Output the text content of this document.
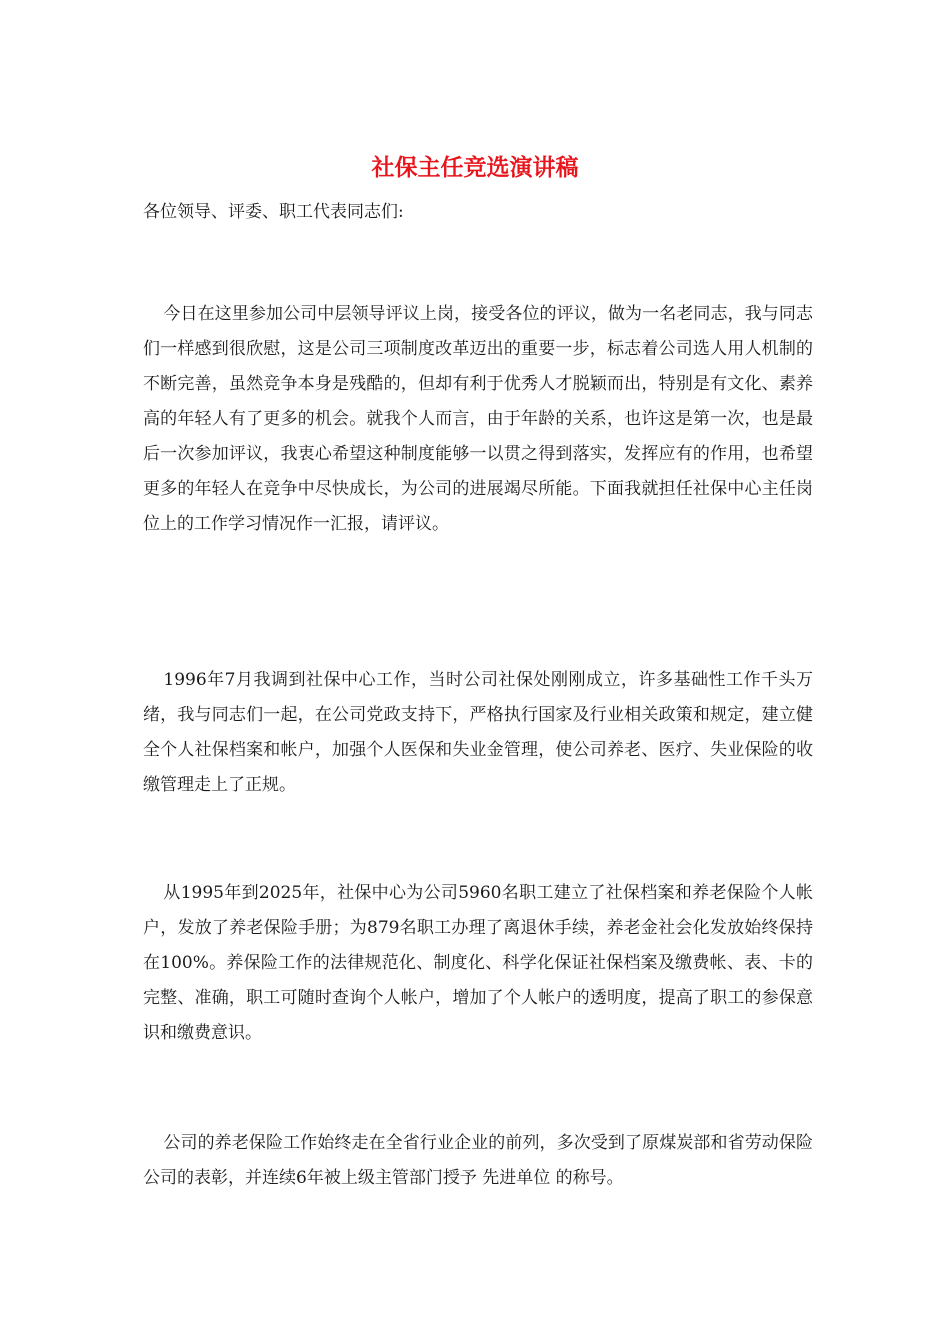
社保主任竞选演讲稿

各位领导、评委、职工代表同志们:

今日在这里参加公司中层领导评议上岗，接受各位的评议，做为一名老同志，我与同志们一样感到很欣慰，这是公司三项制度改革迈出的重要一步，标志着公司选人用人机制的不断完善，虽然竞争本身是残酷的，但却有利于优秀人才脱颖而出，特别是有文化、素养高的年轻人有了更多的机会。就我个人而言，由于年龄的关系，也许这是第一次，也是最后一次参加评议，我衷心希望这种制度能够一以贯之得到落实，发挥应有的作用，也希望更多的年轻人在竞争中尽快成长，为公司的进展竭尽所能。下面我就担任社保中心主任岗位上的工作学习情况作一汇报，请评议。

1996年7月我调到社保中心工作，当时公司社保处刚刚成立，许多基础性工作千头万绪，我与同志们一起，在公司党政支持下，严格执行国家及行业相关政策和规定，建立健全个人社保档案和帐户，加强个人医保和失业金管理，使公司养老、医疗、失业保险的收缴管理走上了正规。

从1995年到2025年，社保中心为公司5960名职工建立了社保档案和养老保险个人帐户，发放了养老保险手册；为879名职工办理了离退休手续，养老金社会化发放始终保持在100%。养保险工作的法律规范化、制度化、科学化保证社保档案及缴费帐、表、卡的完整、准确，职工可随时查询个人帐户，增加了个人帐户的透明度，提高了职工的参保意识和缴费意识。

公司的养老保险工作始终走在全省行业企业的前列，多次受到了原煤炭部和省劳动保险公司的表彰，并连续6年被上级主管部门授予 先进单位 的称号。
